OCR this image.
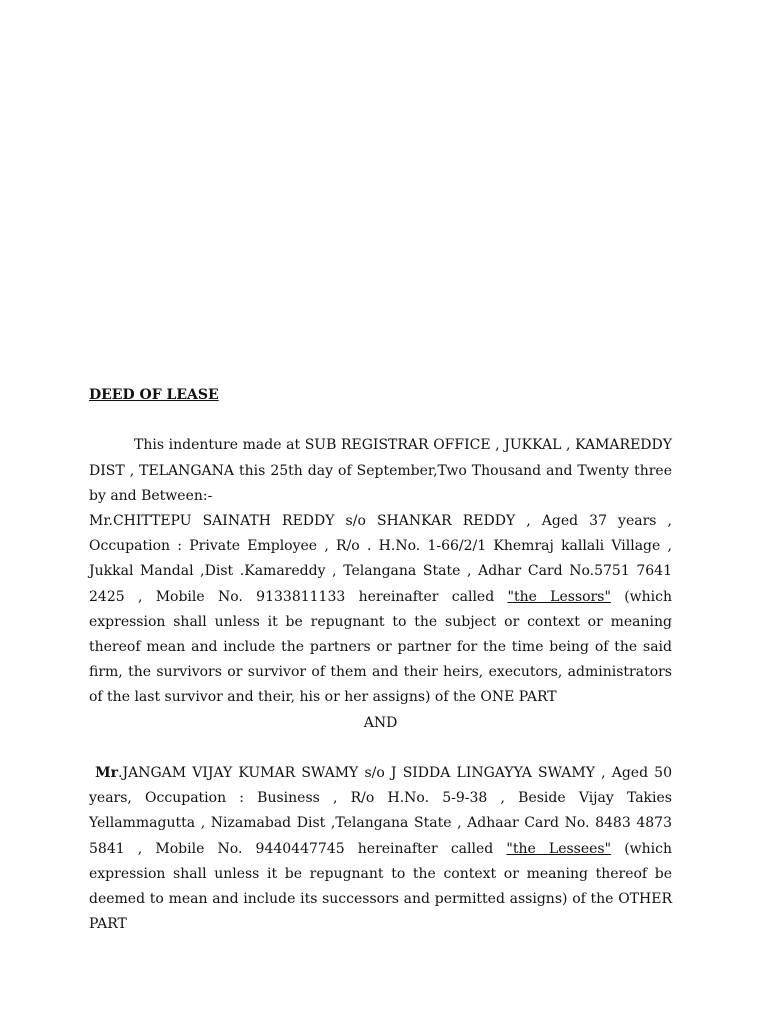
DEED OF LEASE

This indenture made at SUB REGISTRAR OFFICE , JUKKAL , KAMAREDDY DIST , TELANGANA this 25th day of September,Two Thousand and Twenty three by and Between:-

Mr.CHITTEPU SAINATH REDDY s/o SHANKAR REDDY , Aged 37 years , Occupation : Private Employee , R/o . H.No. 1-66/2/1 Khemraj kallali Village , Jukkal Mandal ,Dist .Kamareddy , Telangana State , Adhar Card No.5751 7641 2425 , Mobile No. 9133811133 hereinafter called "the Lessors" (which expression shall unless it be repugnant to the subject or context or meaning thereof mean and include the partners or partner for the time being of the said firm, the survivors or survivor of them and their heirs, executors, administrators of the last survivor and their, his or her assigns) of the ONE PART

AND

Mr.JANGAM VIJAY KUMAR SWAMY s/o J SIDDA LINGAYYA SWAMY , Aged 50 years, Occupation : Business , R/o H.No. 5-9-38 , Beside Vijay Takies Yellammagutta , Nizamabad Dist ,Telangana State , Adhaar Card No. 8483 4873 5841 , Mobile No. 9440447745 hereinafter called "the Lessees" (which expression shall unless it be repugnant to the context or meaning thereof be deemed to mean and include its successors and permitted assigns) of the OTHER PART
